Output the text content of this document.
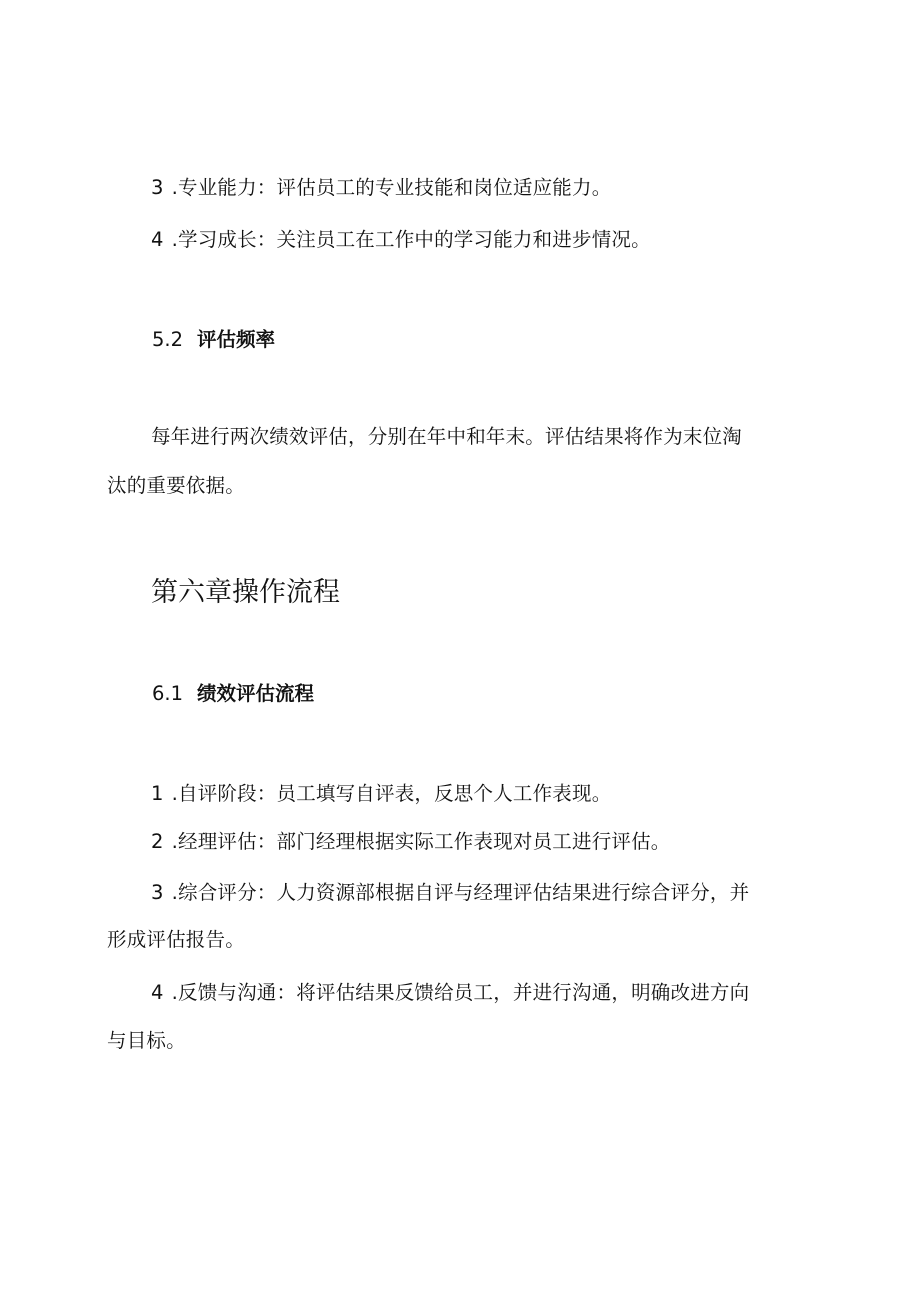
3 .专业能力：评估员工的专业技能和岗位适应能力。
4 .学习成长：关注员工在工作中的学习能力和进步情况。
5.2 评估频率
每年进行两次绩效评估，分别在年中和年末。评估结果将作为末位淘
汰的重要依据。
第六章操作流程
6.1 绩效评估流程
1 .自评阶段：员工填写自评表，反思个人工作表现。
2 .经理评估：部门经理根据实际工作表现对员工进行评估。
3 .综合评分：人力资源部根据自评与经理评估结果进行综合评分，并
形成评估报告。
4 .反馈与沟通：将评估结果反馈给员工，并进行沟通，明确改进方向
与目标。
